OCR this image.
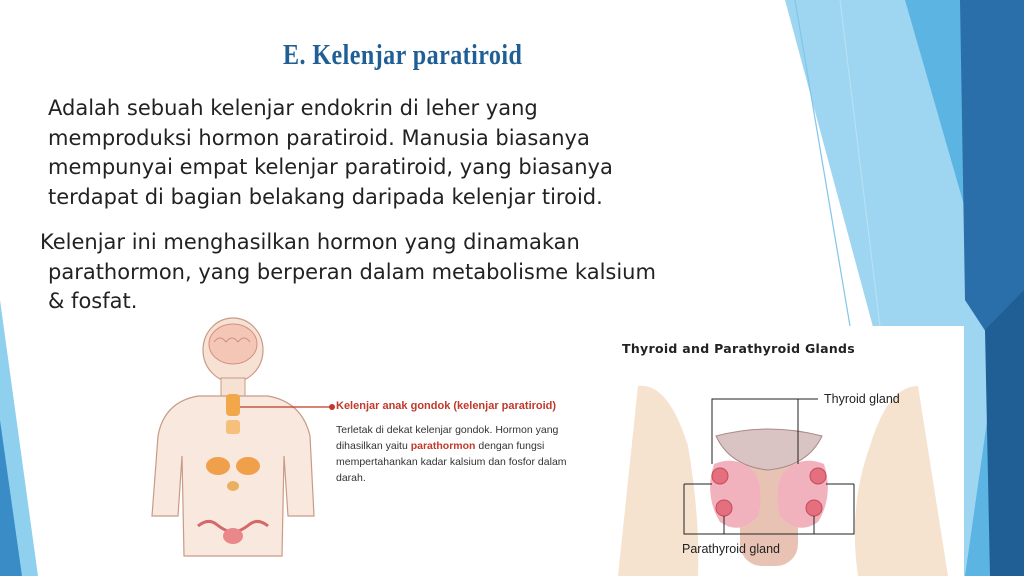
E. Kelenjar paratiroid
Adalah sebuah kelenjar endokrin di leher yang
memproduksi hormon paratiroid. Manusia biasanya
mempunyai empat kelenjar paratiroid, yang biasanya
terdapat di bagian belakang daripada kelenjar tiroid.
Kelenjar ini menghasilkan hormon yang dinamakan
parathormon, yang berperan dalam metabolisme kalsium
& fosfat.
Kelenjar anak gondok (kelenjar paratiroid)
Terletak di dekat kelenjar gondok. Hormon yang
dihasilkan yaitu parathormon dengan fungsi
mempertahankan kadar kalsium dan fosfor dalam
darah.
Thyroid and Parathyroid Glands
Thyroid gland
Parathyroid gland
